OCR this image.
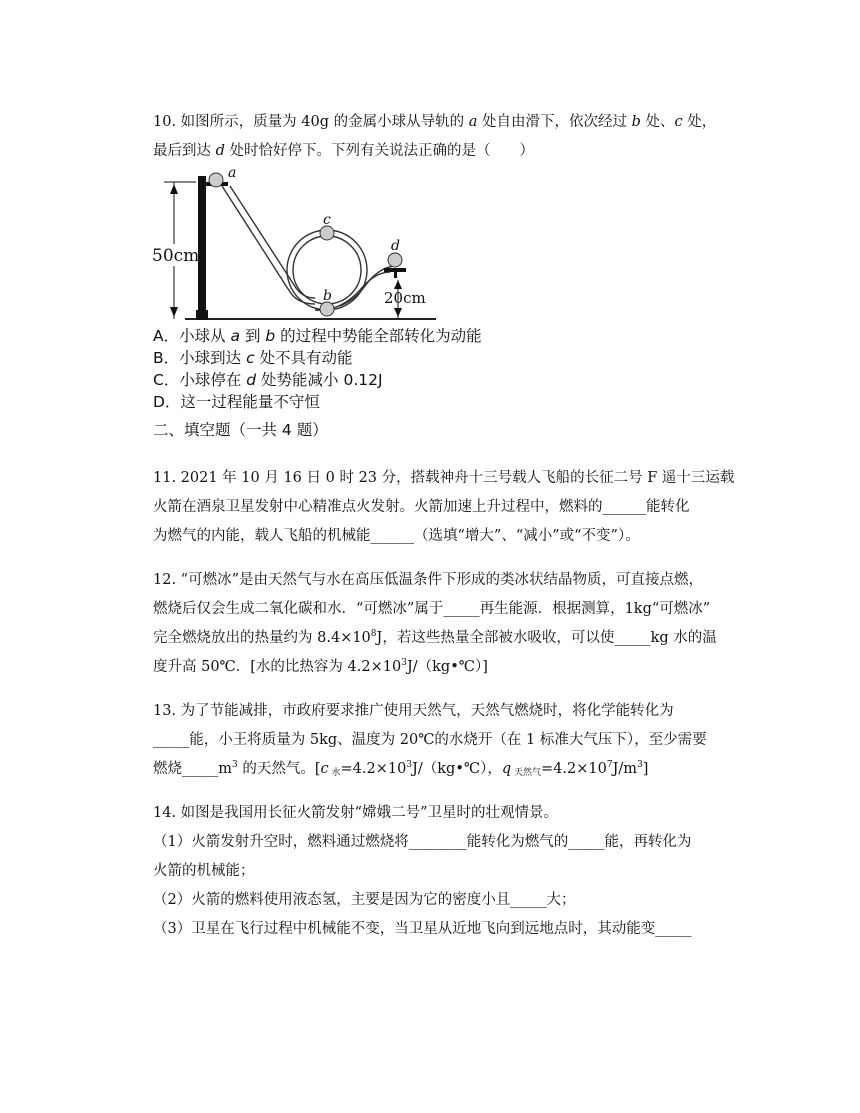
10. 如图所示，质量为 40g 的金属小球从导轨的 a 处自由滑下，依次经过 b 处、c 处，
最后到达 d 处时恰好停下。下列有关说法正确的是（　　）
50cm
20cm
a
c
b
d
A．小球从 a 到 b 的过程中势能全部转化为动能
B．小球到达 c 处不具有动能
C．小球停在 d 处势能减小 0.12J
D．这一过程能量不守恒
二、填空题（一共 4 题）
11. 2021 年 10 月 16 日 0 时 23 分，搭载神舟十三号载人飞船的长征二号 F 遥十三运载
火箭在酒泉卫星发射中心精准点火发射。火箭加速上升过程中，燃料的______能转化
为燃气的内能，载人飞船的机械能______（选填“增大”、“减小”或“不变”）。
12. “可燃冰”是由天然气与水在高压低温条件下形成的类冰状结晶物质，可直接点燃，
燃烧后仅会生成二氧化碳和水．“可燃冰”属于_____再生能源．根据测算，1kg“可燃冰”
完全燃烧放出的热量约为 $8.4\times 10^8J$，若这些热量全部被水吸收，可以使_____kg 水的温
度升高 50℃．[水的比热容为 $4.2\times 10^3J/(kg•℃)$]
13. 为了节能减排，市政府要求推广使用天然气，天然气燃烧时，将化学能转化为
_____能，小王将质量为 5kg、温度为 20℃的水烧开（在 1 标准大气压下），至少需要
燃烧$\_\_\_\_\_m^3$ 的天然气。[c $_水=4.2\times 10^3J/(kg•℃)$，q $_{天然气}=4.2\times 10^7J/m^3$]
14. 如图是我国用长征火箭发射“嫦娥二号”卫星时的壮观情景。
（1）火箭发射升空时，燃料通过燃烧将________能转化为燃气的_____能，再转化为
火箭的机械能；
（2）火箭的燃料使用液态氢，主要是因为它的密度小且_____大；
（3）卫星在飞行过程中机械能不变，当卫星从近地飞向到远地点时，其动能变_____
